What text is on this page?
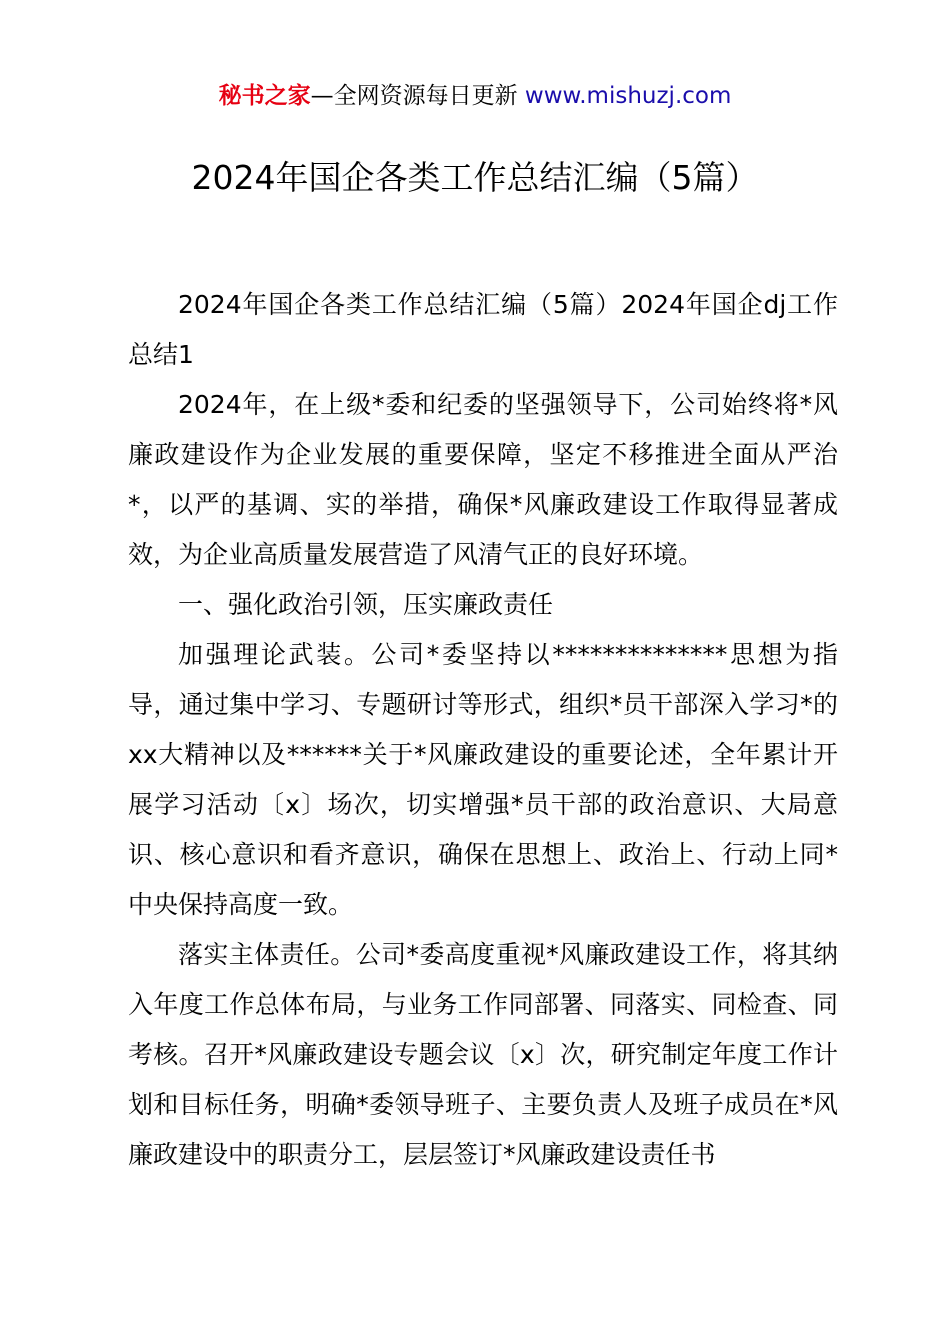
秘书之家—全网资源每日更新 www.mishuzj.com
2024年国企各类工作总结汇编（5篇）

2024年国企各类工作总结汇编（5篇）2024年国企dj工作总结1

2024年，在上级*委和纪委的坚强领导下，公司始终将*风廉政建设作为企业发展的重要保障，坚定不移推进全面从严治*，以严的基调、实的举措，确保*风廉政建设工作取得显著成效，为企业高质量发展营造了风清气正的良好环境。

一、强化政治引领，压实廉政责任

加强理论武装。公司*委坚持以**************思想为指导，通过集中学习、专题研讨等形式，组织*员干部深入学习*的xx大精神以及******关于*风廉政建设的重要论述，全年累计开展学习活动〔x〕场次，切实增强*员干部的政治意识、大局意识、核心意识和看齐意识，确保在思想上、政治上、行动上同*中央保持高度一致。

落实主体责任。公司*委高度重视*风廉政建设工作，将其纳入年度工作总体布局，与业务工作同部署、同落实、同检查、同考核。召开*风廉政建设专题会议〔x〕次，研究制定年度工作计划和目标任务，明确*委领导班子、主要负责人及班子成员在*风廉政建设中的职责分工，层层签订*风廉政建设责任书
